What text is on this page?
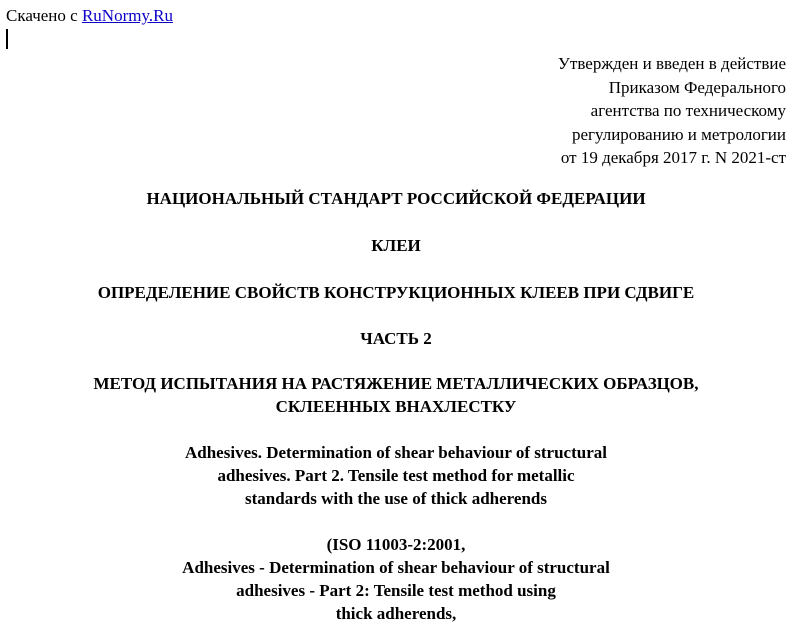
Скачено с RuNormy.Ru
Утвержден и введен в действие
Приказом Федерального
агентства по техническому
регулированию и метрологии
от 19 декабря 2017 г. N 2021-ст
НАЦИОНАЛЬНЫЙ СТАНДАРТ РОССИЙСКОЙ ФЕДЕРАЦИИ
КЛЕИ
ОПРЕДЕЛЕНИЕ СВОЙСТВ КОНСТРУКЦИОННЫХ КЛЕЕВ ПРИ СДВИГЕ
ЧАСТЬ 2
МЕТОД ИСПЫТАНИЯ НА РАСТЯЖЕНИЕ МЕТАЛЛИЧЕСКИХ ОБРАЗЦОВ,
СКЛЕЕННЫХ ВНАХЛЕСТКУ
Adhesives. Determination of shear behaviour of structural
adhesives. Part 2. Tensile test method for metallic
standards with the use of thick adherends
(ISO 11003-2:2001,
Adhesives - Determination of shear behaviour of structural
adhesives - Part 2: Tensile test method using
thick adherends,
